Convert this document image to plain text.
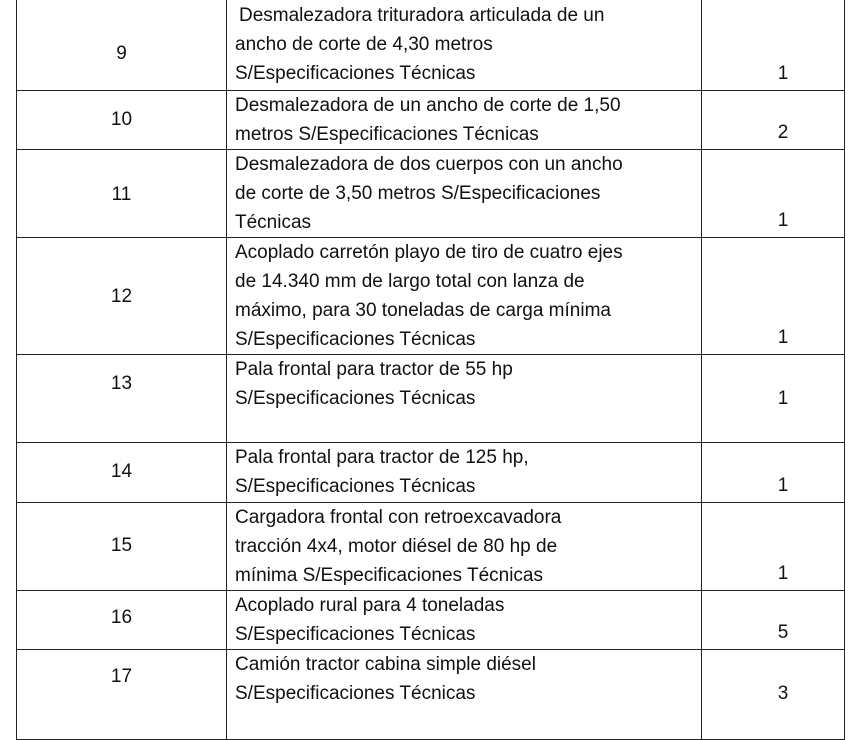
9	Desmalezadora trituradora articulada de un
ancho de corte de 4,30 metros
S/Especificaciones Técnicas	1

10	Desmalezadora de un ancho de corte de 1,50
metros S/Especificaciones Técnicas	2

11	Desmalezadora de dos cuerpos con un ancho
de corte de 3,50 metros S/Especificaciones
Técnicas	1

12	Acoplado carretón playo de tiro de cuatro ejes
de 14.340 mm de largo total con lanza de
máximo, para 30 toneladas de carga mínima
S/Especificaciones Técnicas	1

13	Pala frontal para tractor de 55 hp
S/Especificaciones Técnicas	1

14	Pala frontal para tractor de 125 hp,
S/Especificaciones Técnicas	1

15	Cargadora frontal con retroexcavadora
tracción 4x4, motor diésel de 80 hp de
mínima S/Especificaciones Técnicas	1

16	Acoplado rural para 4 toneladas
S/Especificaciones Técnicas	5

17	Camión tractor cabina simple diésel
S/Especificaciones Técnicas	3
